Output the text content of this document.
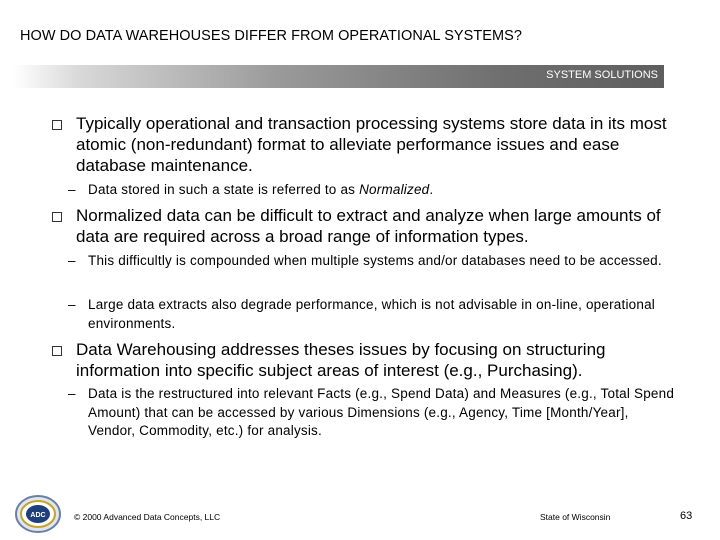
HOW DO DATA WAREHOUSES DIFFER FROM OPERATIONAL SYSTEMS?
SYSTEM SOLUTIONS
Typically operational and transaction processing systems store data in its most atomic (non-redundant) format to alleviate performance issues and ease database maintenance.
– Data stored in such a state is referred to as Normalized.
Normalized data can be difficult to extract and analyze when large amounts of data are required across a broad range of information types.
– This difficultly is compounded when multiple systems and/or databases need to be accessed.
– Large data extracts also degrade performance, which is not advisable in on-line, operational environments.
Data Warehousing addresses theses issues by focusing on structuring information into specific subject areas of interest (e.g., Purchasing).
– Data is the restructured into relevant Facts (e.g., Spend Data) and Measures (e.g., Total Spend Amount) that can be accessed by various Dimensions (e.g., Agency, Time [Month/Year], Vendor, Commodity, etc.) for analysis.
ADC	© 2000 Advanced Data Concepts, LLC	State of Wisconsin	63
